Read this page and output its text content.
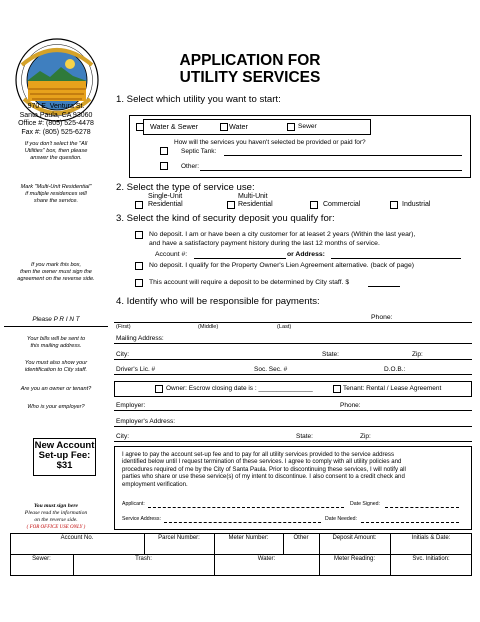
970 E. Ventura St.
Santa Paula, CA 93060
Office #: (805) 525-4478
Fax #: (805) 525-6278
If you don't select the "All
Utilities" box, then please
answer the question.
Mark "Multi-Unit Residential"
if multiple residences will
share the service.
If you mark this box,
then the owner must sign the
agreement on the reverse side.
Please P R I N T
Your bills will be sent to
this mailing address.
You must also show your
identification to City staff.
Are you an owner or tenant?
Who is your employer?
New Account
Set-up Fee:
$31
You must sign here
Please read the information
on the reverse side.
( FOR OFFICE USE ONLY )
APPLICATION FOR
UTILITY SERVICES
1. Select which utility you want to start:
Water & Sewer	Water	Sewer
How will the services you haven't selected be provided or paid for?
Septic Tank:
Other:
2. Select the type of service use:
Single-Unit
Residential
Multi-Unit
Residential	Commercial	Industrial
3. Select the kind of security deposit you qualify for:
No deposit. I am or have been a city customer for at leaset 2 years (Within the last year),
and have a satisfactory payment history during the last 12 months of service.
Account #:	or Address:
No deposit. I qualify for the Property Owner's Lien Agreement alternative. (back of page)
This account will require a deposit to be determined by City staff. $
4. Identify who will be responsible for payments:
Phone:
(First)	(Middle)	(Last)
Mailing Address:
City:	State:	Zip:
Driver's Lic. #	Soc. Sec. #	D.O.B.:
Owner: Escrow closing date is : _______________	Tenant: Rental / Lease Agreement
Employer:	Phone:
Employer's Address:
City:	State:	Zip:
I agree to pay the account set-up fee and to pay for all utility services provided to the service address
identified below until I request termination of these services. I agree to comply with all utility policies and
procedures required of me by the City of Santa Paula. Prior to discontinuing these services, I will notify all
parties who share or use these service(s) of my intent to discontinue. I also consent to a credit check and
employment verification.
Applicant:	Date Signed:
Service Address:	Date Needed:
Account No.	Parcel Number:	Meter Number:	Other	Deposit Amount:	Initials & Date:
Sewer:	Trash:	Water:	Meter Reading:	Svc. Initiation:
